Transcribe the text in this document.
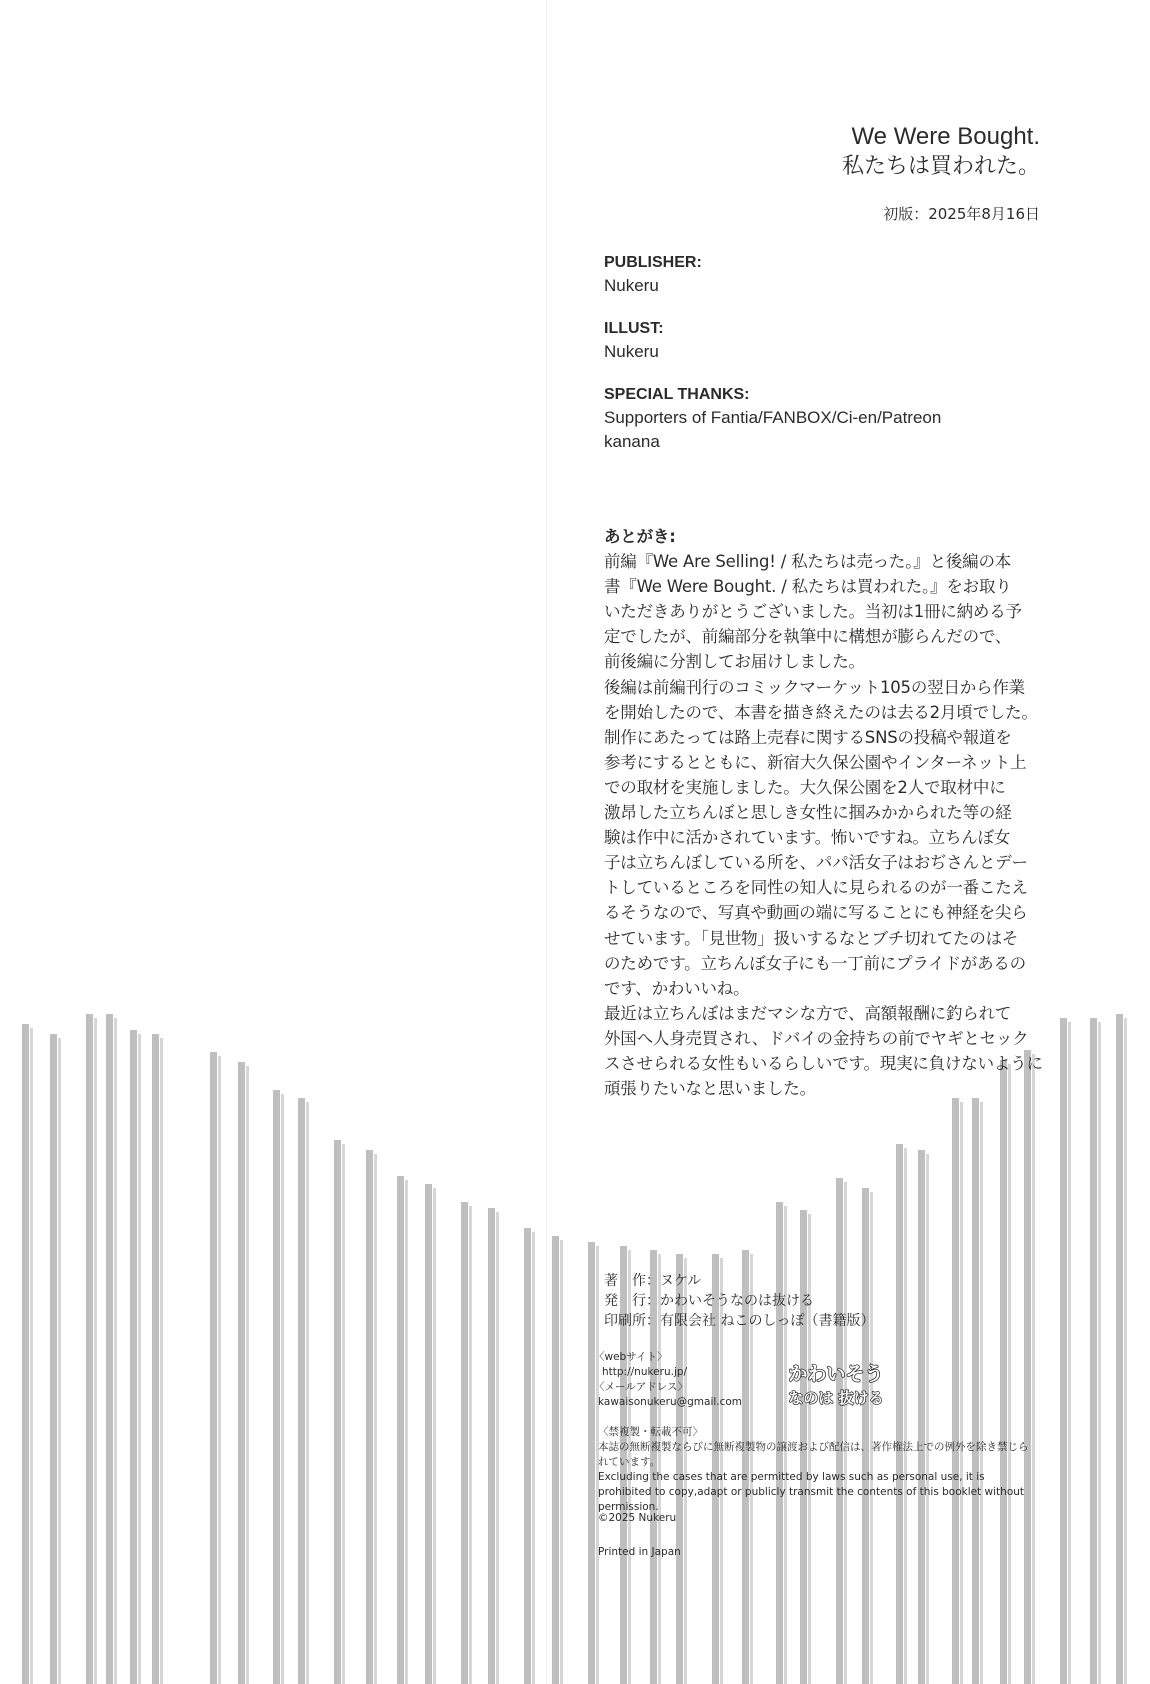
We Were Bought.
私たちは買われた。
初版：2025年8月16日
PUBLISHER:
Nukeru
ILLUST:
Nukeru
SPECIAL THANKS:
Supporters of Fantia/FANBOX/Ci-en/Patreon
kanana
あとがき:
前編『We Are Selling! / 私たちは売った。』と後編の本
書『We Were Bought. / 私たちは買われた。』をお取り
いただきありがとうございました。当初は1冊に納める予
定でしたが、前編部分を執筆中に構想が膨らんだので、
前後編に分割してお届けしました。
後編は前編刊行のコミックマーケット105の翌日から作業
を開始したので、本書を描き終えたのは去る2月頃でした。
制作にあたっては路上売春に関するSNSの投稿や報道を
参考にするとともに、新宿大久保公園やインターネット上
での取材を実施しました。大久保公園を2人で取材中に
激昂した立ちんぼと思しき女性に掴みかかられた等の経
験は作中に活かされています。怖いですね。立ちんぼ女
子は立ちんぼしている所を、パパ活女子はおぢさんとデー
トしているところを同性の知人に見られるのが一番こたえ
るそうなので、写真や動画の端に写ることにも神経を尖ら
せています。「見世物」扱いするなとブチ切れてたのはそ
のためです。立ちんぼ女子にも一丁前にプライドがあるの
です、かわいいね。
最近は立ちんぼはまだマシな方で、高額報酬に釣られて
外国へ人身売買され、ドバイの金持ちの前でヤギとセック
スさせられる女性もいるらしいです。現実に負けないように
頑張りたいなと思いました。
著　作：ヌケル
発　行：かわいそうなのは抜ける
印刷所：有限会社 ねこのしっぽ（書籍版）
〈webサイト〉
http://nukeru.jp/
〈メールアドレス〉
kawaisonukeru@gmail.com
かわいそう
なのは 抜ける
〈禁複製・転載不可〉
本誌の無断複製ならびに無断複製物の譲渡および配信は、著作権法上での例外を除き禁じられています。
Excluding the cases that are permitted by laws such as personal use, it is prohibited to copy,adapt or publicly transmit the contents of this booklet without permission.
©2025 Nukeru
Printed in Japan
